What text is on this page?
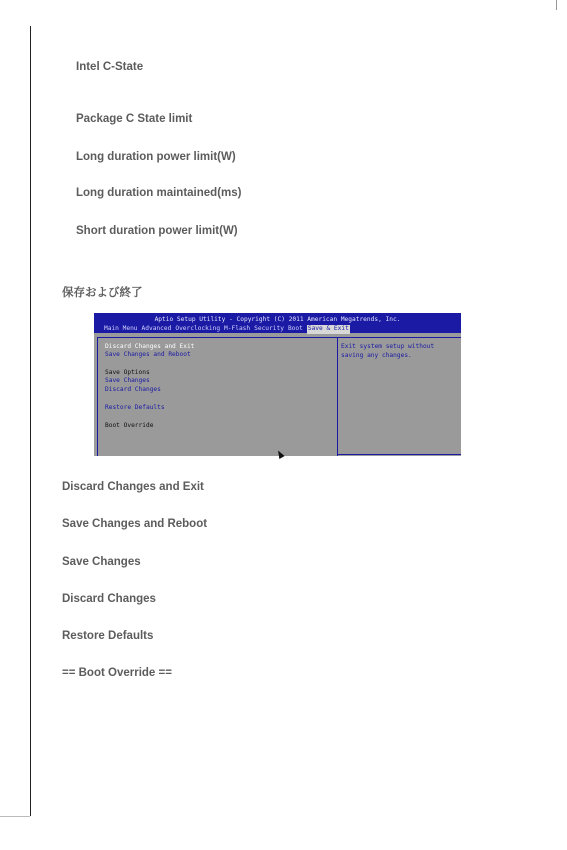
Intel C-State
Package C State limit
Long duration power limit(W)
Long duration maintained(ms)
Short duration power limit(W)
保存および終了
Aptio Setup Utility - Copyright (C) 2011 American Megatrends, Inc.
Main Menu Advanced Overclocking M-Flash Security Boot Save & Exit
Discard Changes and Exit
Save Changes and Reboot
Save Options
Save Changes
Discard Changes
Restore Defaults
Boot Override
Exit system setup without saving any changes.
Discard Changes and Exit
Save Changes and Reboot
Save Changes
Discard Changes
Restore Defaults
== Boot Override ==
